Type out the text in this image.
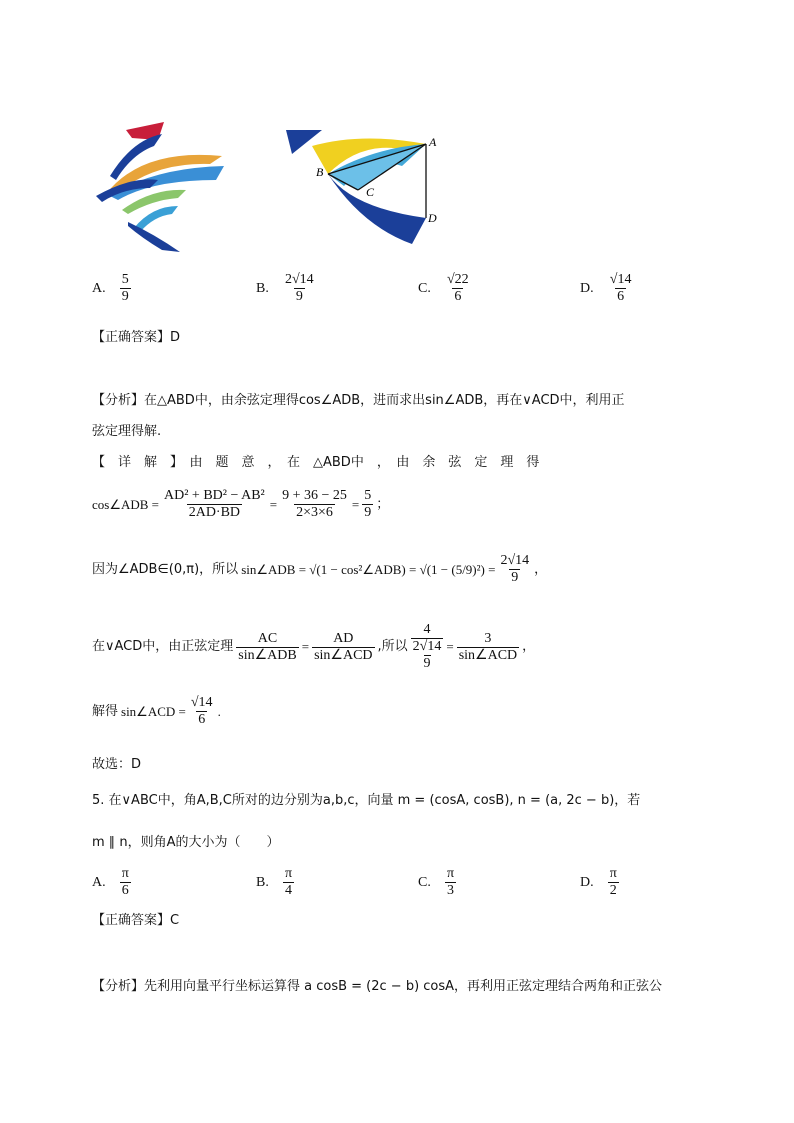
A
B
C
D
A. $\frac{5}{9}$	B. $\frac{2√14}{9}$	C. $\frac{√22}{6}$	D. $\frac{√14}{6}$
【正确答案】D
【分析】在△ABD中，由余弦定理得cos∠ADB，进而求出sin∠ADB，再在∨ACD中，利用正
弦定理得解.
【　详　解　】　由　题　意　，　在　△ABD中　，　由　余　弦　定　理　得
cos∠ADB = $\frac{\text{AD² + BD² − AB²}}{2AD\cdot BD} = \frac{9 + 36 - 25}{2\times 3\times 6} = \frac{5}{9}$ ；
因为∠ADB∈(0,π)，所以 sin∠ADB = √(1 − cos²∠ADB) = $√(1 - (5/9)^2) = \frac{2√14}{9}$ ，
在∨ACD中，由正弦定理 $\frac{AC}{\text{sin∠ADB}} = \frac{AD}{\text{sin∠ACD}}$ ,所以 4
2√14
$9 = \frac{3}{\text{sin∠ACD}}$ ，
解得 sin∠ACD = $\frac{√14}{6}$ .
故选：D
5. 在∨ABC中，角A,B,C所对的边分别为a,b,c，向量 m = (cosA, cosB), n = (a, 2c − b)，若
m ∥ n，则角A的大小为（　　）
A. $\frac{\pi}{6}$	B. $\frac{\pi}{4}$	C. $\frac{\pi}{3}$	D. $\frac{\pi}{2}$
【正确答案】C
【分析】先利用向量平行坐标运算得 a cosB = (2c − b) cosA，再利用正弦定理结合两角和正弦公
